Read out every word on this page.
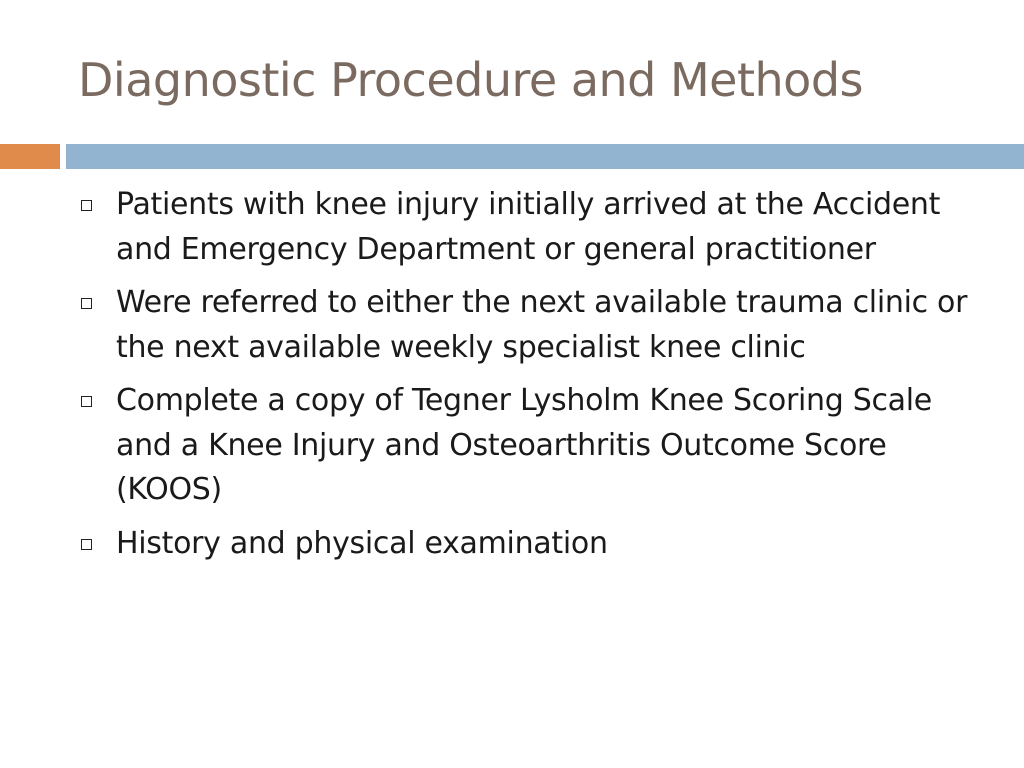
Diagnostic Procedure and Methods
Patients with knee injury initially arrived at the Accident and Emergency Department or general practitioner
Were referred to either the next available trauma clinic or the next available weekly specialist knee clinic
Complete a copy of Tegner Lysholm Knee Scoring Scale and a Knee Injury and Osteoarthritis Outcome Score (KOOS)
History and physical examination
